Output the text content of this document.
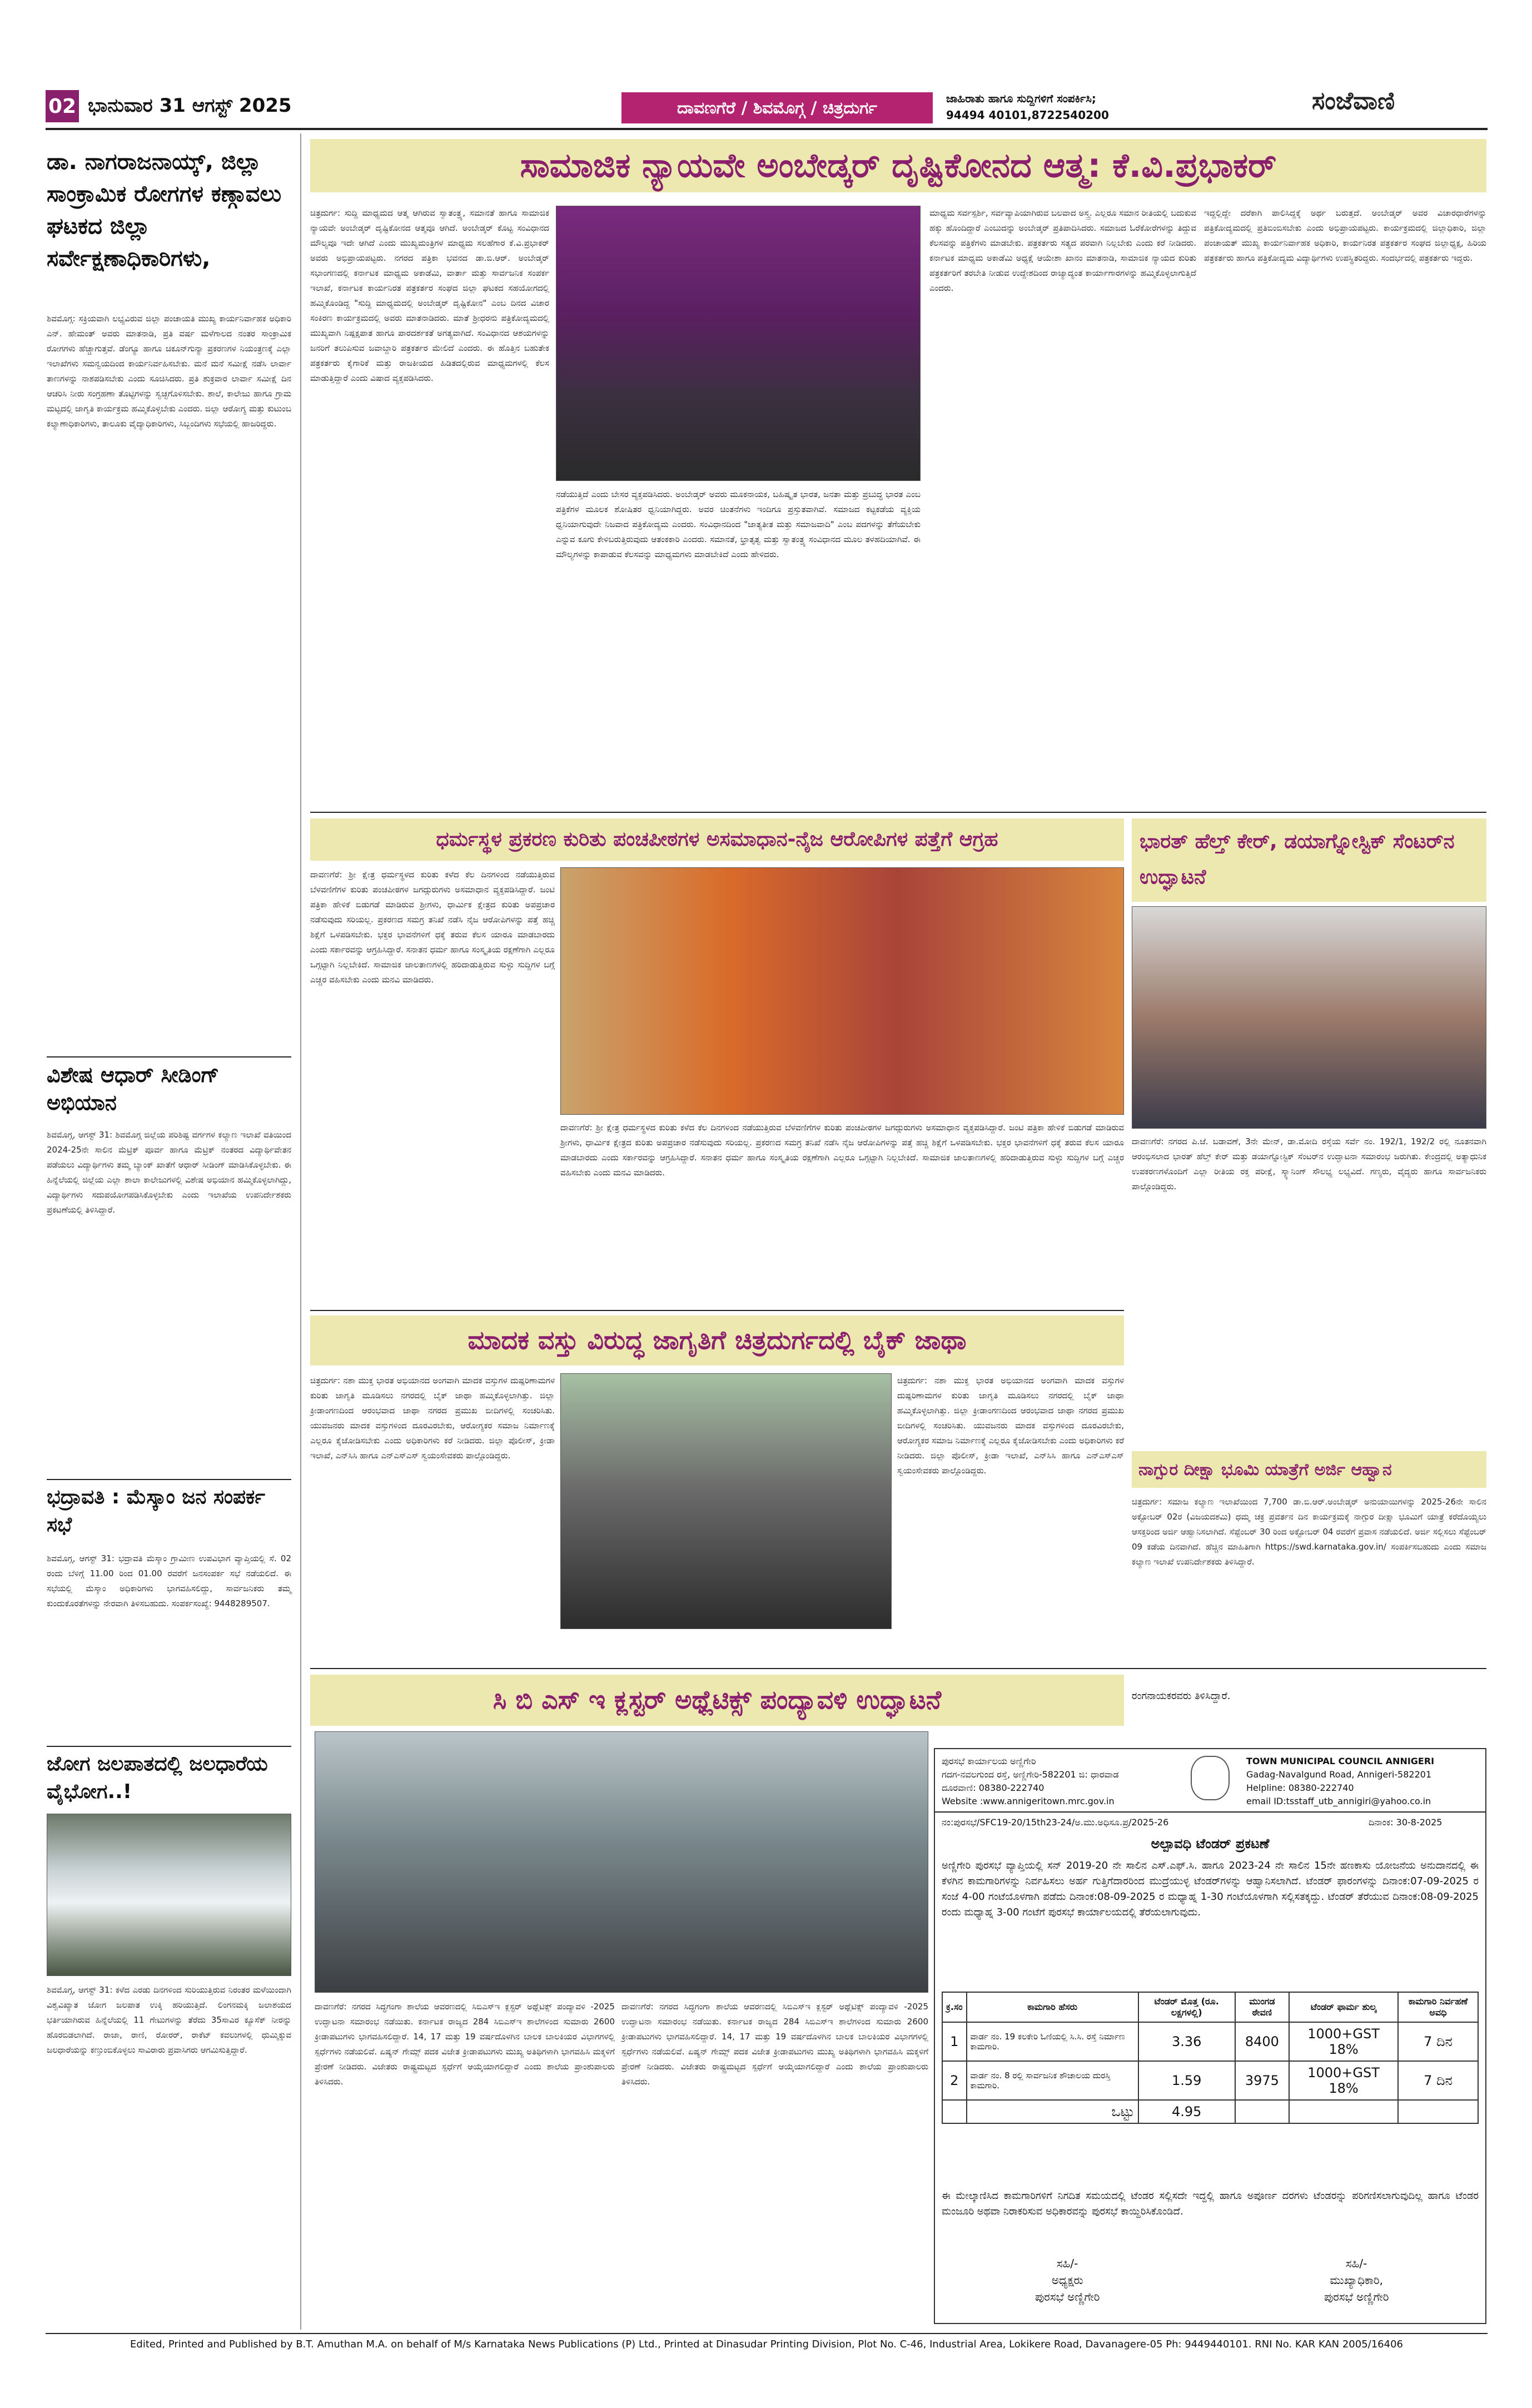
02 ಭಾನುವಾರ 31 ಆಗಸ್ಟ್ 2025	ದಾವಣಗೆರೆ / ಶಿವಮೊಗ್ಗ / ಚಿತ್ರದುರ್ಗ	ಜಾಹಿರಾತು ಹಾಗೂ ಸುದ್ದಿಗಳಿಗೆ ಸಂಪರ್ಕಿಸಿ;
94494 40101,8722540200	ಸಂಜೆವಾಣಿ
ಡಾ. ನಾಗರಾಜನಾಯ್ಕ್, ಜಿಲ್ಲಾ ಸಾಂಕ್ರಾಮಿಕ ರೋಗಗಳ ಕಣ್ಗಾವಲು ಘಟಕದ ಜಿಲ್ಲಾ ಸರ್ವೇಕ್ಷಣಾಧಿಕಾರಿಗಳು,
ಶಿವಮೊಗ್ಗ: ಸಕ್ರಿಯವಾಗಿ ಲಭ್ಯವಿರುವ ಜಿಲ್ಲಾ ಪಂಚಾಯತಿ ಮುಖ್ಯ ಕಾರ್ಯನಿರ್ವಾಹಕ ಅಧಿಕಾರಿ ಎನ್. ಹೇಮಂತ್ ಅವರು ಮಾತನಾಡಿ, ಪ್ರತಿ ವರ್ಷ ಮಳೆಗಾಲದ ನಂತರ ಸಾಂಕ್ರಾಮಿಕ ರೋಗಗಳು ಹೆಚ್ಚಾಗುತ್ತವೆ. ಡೆಂಗ್ಯೂ ಹಾಗೂ ಚಿಕೂನ್‌ಗುನ್ಯಾ ಪ್ರಕರಣಗಳ ನಿಯಂತ್ರಣಕ್ಕೆ ಎಲ್ಲಾ ಇಲಾಖೆಗಳು ಸಮನ್ವಯದಿಂದ ಕಾರ್ಯನಿರ್ವಹಿಸಬೇಕು. ಮನೆ ಮನೆ ಸಮೀಕ್ಷೆ ನಡೆಸಿ ಲಾರ್ವಾ ತಾಣಗಳನ್ನು ನಾಶಪಡಿಸಬೇಕು ಎಂದು ಸೂಚಿಸಿದರು. ಪ್ರತಿ ಶುಕ್ರವಾರ ಲಾರ್ವಾ ಸಮೀಕ್ಷೆ ದಿನ ಆಚರಿಸಿ ನೀರು ಸಂಗ್ರಹಣಾ ತೊಟ್ಟಿಗಳನ್ನು ಸ್ವಚ್ಛಗೊಳಿಸಬೇಕು. ಶಾಲೆ, ಕಾಲೇಜು ಹಾಗೂ ಗ್ರಾಮ ಮಟ್ಟದಲ್ಲಿ ಜಾಗೃತಿ ಕಾರ್ಯಕ್ರಮ ಹಮ್ಮಿಕೊಳ್ಳಬೇಕು ಎಂದರು. ಜಿಲ್ಲಾ ಆರೋಗ್ಯ ಮತ್ತು ಕುಟುಂಬ ಕಲ್ಯಾಣಾಧಿಕಾರಿಗಳು, ತಾಲೂಕು ವೈದ್ಯಾಧಿಕಾರಿಗಳು, ಸಿಬ್ಬಂದಿಗಳು ಸಭೆಯಲ್ಲಿ ಹಾಜರಿದ್ದರು.
ವಿಶೇಷ ಆಧಾರ್ ಸೀಡಿಂಗ್ ಅಭಿಯಾನ
ಶಿವಮೊಗ್ಗ, ಆಗಸ್ಟ್ 31: ಶಿವಮೊಗ್ಗ ಜಿಲ್ಲೆಯ ಪರಿಶಿಷ್ಟ ವರ್ಗಗಳ ಕಲ್ಯಾಣ ಇಲಾಖೆ ವತಿಯಿಂದ 2024-25ನೇ ಸಾಲಿನ ಮೆಟ್ರಿಕ್ ಪೂರ್ವ ಹಾಗೂ ಮೆಟ್ರಿಕ್ ನಂತರದ ವಿದ್ಯಾರ್ಥಿವೇತನ ಪಡೆಯಲು ವಿದ್ಯಾರ್ಥಿಗಳು ತಮ್ಮ ಬ್ಯಾಂಕ್ ಖಾತೆಗೆ ಆಧಾರ್ ಸೀಡಿಂಗ್ ಮಾಡಿಸಿಕೊಳ್ಳಬೇಕು. ಈ ಹಿನ್ನೆಲೆಯಲ್ಲಿ ಜಿಲ್ಲೆಯ ಎಲ್ಲಾ ಶಾಲಾ ಕಾಲೇಜುಗಳಲ್ಲಿ ವಿಶೇಷ ಅಭಿಯಾನ ಹಮ್ಮಿಕೊಳ್ಳಲಾಗಿದ್ದು, ವಿದ್ಯಾರ್ಥಿಗಳು ಸದುಪಯೋಗಪಡಿಸಿಕೊಳ್ಳಬೇಕು ಎಂದು ಇಲಾಖೆಯ ಉಪನಿರ್ದೇಶಕರು ಪ್ರಕಟಣೆಯಲ್ಲಿ ತಿಳಿಸಿದ್ದಾರೆ.
ಭದ್ರಾವತಿ : ಮೆಸ್ಕಾಂ ಜನ ಸಂಪರ್ಕ ಸಭೆ
ಶಿವಮೊಗ್ಗ, ಆಗಸ್ಟ್ 31: ಭದ್ರಾವತಿ ಮೆಸ್ಕಾಂ ಗ್ರಾಮೀಣ ಉಪವಿಭಾಗ ವ್ಯಾಪ್ತಿಯಲ್ಲಿ ಸೆ. 02 ರಂದು ಬೆಳಿಗ್ಗೆ 11.00 ರಿಂದ 01.00 ರವರೆಗೆ ಜನಸಂಪರ್ಕ ಸಭೆ ನಡೆಯಲಿದೆ. ಈ ಸಭೆಯಲ್ಲಿ ಮೆಸ್ಕಾಂ ಅಧಿಕಾರಿಗಳು ಭಾಗವಹಿಸಲಿದ್ದು, ಸಾರ್ವಜನಿಕರು ತಮ್ಮ ಕುಂದುಕೊರತೆಗಳನ್ನು ನೇರವಾಗಿ ತಿಳಿಸಬಹುದು. ಸಂಪರ್ಕಸಂಖ್ಯೆ: 9448289507.
ಜೋಗ ಜಲಪಾತದಲ್ಲಿ ಜಲಧಾರೆಯ ವೈಭೋಗ..!
ಶಿವಮೊಗ್ಗ, ಆಗಸ್ಟ್ 31: ಕಳೆದ ಎರಡು ದಿನಗಳಿಂದ ಸುರಿಯುತ್ತಿರುವ ನಿರಂತರ ಮಳೆಯಿಂದಾಗಿ ವಿಶ್ವವಿಖ್ಯಾತ ಜೋಗ ಜಲಪಾತ ಉಕ್ಕಿ ಹರಿಯುತ್ತಿದೆ. ಲಿಂಗನಮಕ್ಕಿ ಜಲಾಶಯದ ಭರ್ತಿಯಾಗಿರುವ ಹಿನ್ನೆಲೆಯಲ್ಲಿ 11 ಗೇಟುಗಳನ್ನು ತೆರೆದು 35ಸಾವಿರ ಕ್ಯೂಸೆಕ್ ನೀರನ್ನು ಹೊರಬಿಡಲಾಗಿದೆ. ರಾಜಾ, ರಾಣಿ, ರೋರರ್, ರಾಕೆಟ್ ಕವಲುಗಳಲ್ಲಿ ಧುಮ್ಮಿಕ್ಕುವ ಜಲಧಾರೆಯನ್ನು ಕಣ್ತುಂಬಿಕೊಳ್ಳಲು ಸಾವಿರಾರು ಪ್ರವಾಸಿಗರು ಆಗಮಿಸುತ್ತಿದ್ದಾರೆ.
ಸಾಮಾಜಿಕ ನ್ಯಾಯವೇ ಅಂಬೇಡ್ಕರ್ ದೃಷ್ಟಿಕೋನದ ಆತ್ಮ: ಕೆ.ವಿ.ಪ್ರಭಾಕರ್
ಚಿತ್ರದುರ್ಗ: ಸುದ್ದಿ ಮಾಧ್ಯಮದ ಆತ್ಮ ಆಗಿರುವ ಸ್ವಾತಂತ್ರ್ಯ, ಸಮಾನತೆ ಹಾಗೂ ಸಾಮಾಜಿಕ ನ್ಯಾಯವೇ ಅಂಬೇಡ್ಕರ್ ದೃಷ್ಟಿಕೋನದ ಆತ್ಮವೂ ಆಗಿದೆ. ಅಂಬೇಡ್ಕರ್ ಕೊಟ್ಟ ಸಂವಿಧಾನದ ಮೌಲ್ಯವೂ ಇದೇ ಆಗಿದೆ ಎಂದು ಮುಖ್ಯಮಂತ್ರಿಗಳ ಮಾಧ್ಯಮ ಸಲಹೆಗಾರ ಕೆ.ವಿ.ಪ್ರಭಾಕರ್ ಅವರು ಅಭಿಪ್ರಾಯಪಟ್ಟರು. ನಗರದ ಪತ್ರಿಕಾ ಭವನದ ಡಾ.ಬಿ.ಆರ್. ಅಂಬೇಡ್ಕರ್ ಸಭಾಂಗಣದಲ್ಲಿ ಕರ್ನಾಟಕ ಮಾಧ್ಯಮ ಅಕಾಡೆಮಿ, ವಾರ್ತಾ ಮತ್ತು ಸಾರ್ವಜನಿಕ ಸಂಪರ್ಕ ಇಲಾಖೆ, ಕರ್ನಾಟಕ ಕಾರ್ಯನಿರತ ಪತ್ರಕರ್ತರ ಸಂಘದ ಜಿಲ್ಲಾ ಘಟಕದ ಸಹಯೋಗದಲ್ಲಿ ಹಮ್ಮಿಕೊಂಡಿದ್ದ "ಸುದ್ದಿ ಮಾಧ್ಯಮದಲ್ಲಿ ಅಂಬೇಡ್ಕರ್ ದೃಷ್ಟಿಕೋನ" ಎಂಬ ದಿನದ ವಿಚಾರ ಸಂಕಿರಣ ಕಾರ್ಯಕ್ರಮದಲ್ಲಿ ಅವರು ಮಾತನಾಡಿದರು. ಮಾತೆ ಶ್ರೀಧರನು ಪತ್ರಿಕೋದ್ಯಮದಲ್ಲಿ ಮುಖ್ಯವಾಗಿ ನಿಷ್ಪಕ್ಷಪಾತ ಹಾಗೂ ಪಾರದರ್ಶಕತೆ ಅಗತ್ಯವಾಗಿದೆ. ಸಂವಿಧಾನದ ಆಶಯಗಳನ್ನು ಜನರಿಗೆ ತಲುಪಿಸುವ ಜವಾಬ್ದಾರಿ ಪತ್ರಕರ್ತರ ಮೇಲಿದೆ ಎಂದರು. ಈ ಹೊತ್ತಿನ ಬಹುತೇಕ ಪತ್ರಕರ್ತರು ಕೈಗಾರಿಕೆ ಮತ್ತು ರಾಜಕೀಯದ ಹಿಡಿತದಲ್ಲಿರುವ ಮಾಧ್ಯಮಗಳಲ್ಲಿ ಕೆಲಸ ಮಾಡುತ್ತಿದ್ದಾರೆ ಎಂದು ವಿಷಾದ ವ್ಯಕ್ತಪಡಿಸಿದರು.
ನಡೆಯುತ್ತಿದೆ ಎಂದು ಬೇಸರ ವ್ಯಕ್ತಪಡಿಸಿದರು. ಅಂಬೇಡ್ಕರ್ ಅವರು ಮೂಕನಾಯಕ, ಬಹಿಷ್ಕೃತ ಭಾರತ, ಜನತಾ ಮತ್ತು ಪ್ರಬುದ್ಧ ಭಾರತ ಎಂಬ ಪತ್ರಿಕೆಗಳ ಮೂಲಕ ಶೋಷಿತರ ಧ್ವನಿಯಾಗಿದ್ದರು. ಅವರ ಚಿಂತನೆಗಳು ಇಂದಿಗೂ ಪ್ರಸ್ತುತವಾಗಿವೆ. ಸಮಾಜದ ಕಟ್ಟಕಡೆಯ ವ್ಯಕ್ತಿಯ ಧ್ವನಿಯಾಗುವುದೇ ನಿಜವಾದ ಪತ್ರಿಕೋದ್ಯಮ ಎಂದರು. ಸಂವಿಧಾನದಿಂದ "ಜಾತ್ಯತೀತ ಮತ್ತು ಸಮಾಜವಾದಿ" ಎಂಬ ಪದಗಳನ್ನು ತೆಗೆಯಬೇಕು ಎನ್ನುವ ಕೂಗು ಕೇಳಿಬರುತ್ತಿರುವುದು ಆತಂಕಕಾರಿ ಎಂದರು. ಸಮಾನತೆ, ಭ್ರಾತೃತ್ವ ಮತ್ತು ಸ್ವಾತಂತ್ರ್ಯ ಸಂವಿಧಾನದ ಮೂಲ ತಳಹದಿಯಾಗಿವೆ. ಈ ಮೌಲ್ಯಗಳನ್ನು ಕಾಪಾಡುವ ಕೆಲಸವನ್ನು ಮಾಧ್ಯಮಗಳು ಮಾಡಬೇಕಿದೆ ಎಂದು ಹೇಳಿದರು.
ಮಾಧ್ಯಮ ಸರ್ವಸ್ಪರ್ಶಿ, ಸರ್ವವ್ಯಾಪಿಯಾಗಿರುವ ಬಲವಾದ ಅಸ್ತ್ರ. ಎಲ್ಲರೂ ಸಮಾನ ರೀತಿಯಲ್ಲಿ ಬದುಕುವ ಹಕ್ಕು ಹೊಂದಿದ್ದಾರೆ ಎಂಬುದನ್ನು ಅಂಬೇಡ್ಕರ್ ಪ್ರತಿಪಾದಿಸಿದರು. ಸಮಾಜದ ಓರೆಕೋರೆಗಳನ್ನು ತಿದ್ದುವ ಕೆಲಸವನ್ನು ಪತ್ರಿಕೆಗಳು ಮಾಡಬೇಕು. ಪತ್ರಕರ್ತರು ಸತ್ಯದ ಪರವಾಗಿ ನಿಲ್ಲಬೇಕು ಎಂದು ಕರೆ ನೀಡಿದರು. ಕರ್ನಾಟಕ ಮಾಧ್ಯಮ ಅಕಾಡೆಮಿ ಅಧ್ಯಕ್ಷೆ ಆಯೇಶಾ ಖಾನಂ ಮಾತನಾಡಿ, ಸಾಮಾಜಿಕ ನ್ಯಾಯದ ಕುರಿತು ಪತ್ರಕರ್ತರಿಗೆ ತರಬೇತಿ ನೀಡುವ ಉದ್ದೇಶದಿಂದ ರಾಜ್ಯಾದ್ಯಂತ ಕಾರ್ಯಾಗಾರಗಳನ್ನು ಹಮ್ಮಿಕೊಳ್ಳಲಾಗುತ್ತಿದೆ ಎಂದರು.
ಇದ್ದಲ್ಲಿದ್ದೇ ದರೆಕಾಗಿ ಪಾಲಿಸಿದ್ದಕ್ಕೆ ಅರ್ಥ ಬರುತ್ತದೆ. ಅಂಬೇಡ್ಕರ್ ಅವರ ವಿಚಾರಧಾರೆಗಳನ್ನು ಪತ್ರಿಕೋದ್ಯಮದಲ್ಲಿ ಪ್ರತಿಬಿಂಬಿಸಬೇಕು ಎಂದು ಅಭಿಪ್ರಾಯಪಟ್ಟರು. ಕಾರ್ಯಕ್ರಮದಲ್ಲಿ ಜಿಲ್ಲಾಧಿಕಾರಿ, ಜಿಲ್ಲಾ ಪಂಚಾಯತ್ ಮುಖ್ಯ ಕಾರ್ಯನಿರ್ವಾಹಕ ಅಧಿಕಾರಿ, ಕಾರ್ಯನಿರತ ಪತ್ರಕರ್ತರ ಸಂಘದ ಜಿಲ್ಲಾಧ್ಯಕ್ಷ, ಹಿರಿಯ ಪತ್ರಕರ್ತರು ಹಾಗೂ ಪತ್ರಿಕೋದ್ಯಮ ವಿದ್ಯಾರ್ಥಿಗಳು ಉಪಸ್ಥಿತರಿದ್ದರು. ಸಂದರ್ಭದಲ್ಲಿ ಪತ್ರಕರ್ತರು ಇದ್ದರು.
ಧರ್ಮಸ್ಥಳ ಪ್ರಕರಣ ಕುರಿತು ಪಂಚಪೀಠಗಳ ಅಸಮಾಧಾನ-ನೈಜ ಆರೋಪಿಗಳ ಪತ್ತೆಗೆ ಆಗ್ರಹ
ದಾವಣಗೆರೆ: ಶ್ರೀ ಕ್ಷೇತ್ರ ಧರ್ಮಸ್ಥಳದ ಕುರಿತು ಕಳೆದ ಕೆಲ ದಿನಗಳಿಂದ ನಡೆಯುತ್ತಿರುವ ಬೆಳವಣಿಗೆಗಳ ಕುರಿತು ಪಂಚಪೀಠಗಳ ಜಗದ್ಗುರುಗಳು ಅಸಮಾಧಾನ ವ್ಯಕ್ತಪಡಿಸಿದ್ದಾರೆ. ಜಂಟಿ ಪತ್ರಿಕಾ ಹೇಳಿಕೆ ಬಿಡುಗಡೆ ಮಾಡಿರುವ ಶ್ರೀಗಳು, ಧಾರ್ಮಿಕ ಕ್ಷೇತ್ರದ ಕುರಿತು ಅಪಪ್ರಚಾರ ನಡೆಸುವುದು ಸರಿಯಲ್ಲ. ಪ್ರಕರಣದ ಸಮಗ್ರ ತನಿಖೆ ನಡೆಸಿ ನೈಜ ಆರೋಪಿಗಳನ್ನು ಪತ್ತೆ ಹಚ್ಚಿ ಶಿಕ್ಷೆಗೆ ಒಳಪಡಿಸಬೇಕು. ಭಕ್ತರ ಭಾವನೆಗಳಿಗೆ ಧಕ್ಕೆ ತರುವ ಕೆಲಸ ಯಾರೂ ಮಾಡಬಾರದು ಎಂದು ಸರ್ಕಾರವನ್ನು ಆಗ್ರಹಿಸಿದ್ದಾರೆ. ಸನಾತನ ಧರ್ಮ ಹಾಗೂ ಸಂಸ್ಕೃತಿಯ ರಕ್ಷಣೆಗಾಗಿ ಎಲ್ಲರೂ ಒಗ್ಗಟ್ಟಾಗಿ ನಿಲ್ಲಬೇಕಿದೆ. ಸಾಮಾಜಿಕ ಜಾಲತಾಣಗಳಲ್ಲಿ ಹರಿದಾಡುತ್ತಿರುವ ಸುಳ್ಳು ಸುದ್ದಿಗಳ ಬಗ್ಗೆ ಎಚ್ಚರ ವಹಿಸಬೇಕು ಎಂದು ಮನವಿ ಮಾಡಿದರು.
ದಾವಣಗೆರೆ: ಶ್ರೀ ಕ್ಷೇತ್ರ ಧರ್ಮಸ್ಥಳದ ಕುರಿತು ಕಳೆದ ಕೆಲ ದಿನಗಳಿಂದ ನಡೆಯುತ್ತಿರುವ ಬೆಳವಣಿಗೆಗಳ ಕುರಿತು ಪಂಚಪೀಠಗಳ ಜಗದ್ಗುರುಗಳು ಅಸಮಾಧಾನ ವ್ಯಕ್ತಪಡಿಸಿದ್ದಾರೆ. ಜಂಟಿ ಪತ್ರಿಕಾ ಹೇಳಿಕೆ ಬಿಡುಗಡೆ ಮಾಡಿರುವ ಶ್ರೀಗಳು, ಧಾರ್ಮಿಕ ಕ್ಷೇತ್ರದ ಕುರಿತು ಅಪಪ್ರಚಾರ ನಡೆಸುವುದು ಸರಿಯಲ್ಲ. ಪ್ರಕರಣದ ಸಮಗ್ರ ತನಿಖೆ ನಡೆಸಿ ನೈಜ ಆರೋಪಿಗಳನ್ನು ಪತ್ತೆ ಹಚ್ಚಿ ಶಿಕ್ಷೆಗೆ ಒಳಪಡಿಸಬೇಕು. ಭಕ್ತರ ಭಾವನೆಗಳಿಗೆ ಧಕ್ಕೆ ತರುವ ಕೆಲಸ ಯಾರೂ ಮಾಡಬಾರದು ಎಂದು ಸರ್ಕಾರವನ್ನು ಆಗ್ರಹಿಸಿದ್ದಾರೆ. ಸನಾತನ ಧರ್ಮ ಹಾಗೂ ಸಂಸ್ಕೃತಿಯ ರಕ್ಷಣೆಗಾಗಿ ಎಲ್ಲರೂ ಒಗ್ಗಟ್ಟಾಗಿ ನಿಲ್ಲಬೇಕಿದೆ. ಸಾಮಾಜಿಕ ಜಾಲತಾಣಗಳಲ್ಲಿ ಹರಿದಾಡುತ್ತಿರುವ ಸುಳ್ಳು ಸುದ್ದಿಗಳ ಬಗ್ಗೆ ಎಚ್ಚರ ವಹಿಸಬೇಕು ಎಂದು ಮನವಿ ಮಾಡಿದರು.
ಭಾರತ್ ಹೆಲ್ತ್ ಕೇರ್, ಡಯಾಗ್ನೋಸ್ಟಿಕ್ ಸೆಂಟರ್‌ನ ಉದ್ಘಾಟನೆ
ದಾವಣಗೆರೆ: ನಗರದ ಪಿ.ಜೆ. ಬಡಾವಣೆ, 3ನೇ ಮೇನ್, ಡಾ.ಮೋದಿ ರಸ್ತೆಯ ಸರ್ವೆ ನಂ. 192/1, 192/2 ರಲ್ಲಿ ನೂತನವಾಗಿ ಆರಂಭಿಸಲಾದ ಭಾರತ್ ಹೆಲ್ತ್ ಕೇರ್ ಮತ್ತು ಡಯಾಗ್ನೋಸ್ಟಿಕ್ ಸೆಂಟರ್‌ನ ಉದ್ಘಾಟನಾ ಸಮಾರಂಭ ಜರುಗಿತು. ಕೇಂದ್ರದಲ್ಲಿ ಅತ್ಯಾಧುನಿಕ ಉಪಕರಣಗಳೊಂದಿಗೆ ಎಲ್ಲಾ ರೀತಿಯ ರಕ್ತ ಪರೀಕ್ಷೆ, ಸ್ಕ್ಯಾನಿಂಗ್ ಸೌಲಭ್ಯ ಲಭ್ಯವಿದೆ. ಗಣ್ಯರು, ವೈದ್ಯರು ಹಾಗೂ ಸಾರ್ವಜನಿಕರು ಪಾಲ್ಗೊಂಡಿದ್ದರು.
ಮಾದಕ ವಸ್ತು ವಿರುದ್ಧ ಜಾಗೃತಿಗೆ ಚಿತ್ರದುರ್ಗದಲ್ಲಿ ಬೈಕ್ ಜಾಥಾ
ಚಿತ್ರದುರ್ಗ: ನಶಾ ಮುಕ್ತ ಭಾರತ ಅಭಿಯಾನದ ಅಂಗವಾಗಿ ಮಾದಕ ವಸ್ತುಗಳ ದುಷ್ಪರಿಣಾಮಗಳ ಕುರಿತು ಜಾಗೃತಿ ಮೂಡಿಸಲು ನಗರದಲ್ಲಿ ಬೈಕ್ ಜಾಥಾ ಹಮ್ಮಿಕೊಳ್ಳಲಾಗಿತ್ತು. ಜಿಲ್ಲಾ ಕ್ರೀಡಾಂಗಣದಿಂದ ಆರಂಭವಾದ ಜಾಥಾ ನಗರದ ಪ್ರಮುಖ ಬೀದಿಗಳಲ್ಲಿ ಸಂಚರಿಸಿತು. ಯುವಜನರು ಮಾದಕ ವಸ್ತುಗಳಿಂದ ದೂರವಿರಬೇಕು, ಆರೋಗ್ಯಕರ ಸಮಾಜ ನಿರ್ಮಾಣಕ್ಕೆ ಎಲ್ಲರೂ ಕೈಜೋಡಿಸಬೇಕು ಎಂದು ಅಧಿಕಾರಿಗಳು ಕರೆ ನೀಡಿದರು. ಜಿಲ್ಲಾ ಪೊಲೀಸ್, ಕ್ರೀಡಾ ಇಲಾಖೆ, ಎನ್‌ಸಿಸಿ ಹಾಗೂ ಎನ್‌ಎಸ್‌ಎಸ್ ಸ್ವಯಂಸೇವಕರು ಪಾಲ್ಗೊಂಡಿದ್ದರು.
ಚಿತ್ರದುರ್ಗ: ನಶಾ ಮುಕ್ತ ಭಾರತ ಅಭಿಯಾನದ ಅಂಗವಾಗಿ ಮಾದಕ ವಸ್ತುಗಳ ದುಷ್ಪರಿಣಾಮಗಳ ಕುರಿತು ಜಾಗೃತಿ ಮೂಡಿಸಲು ನಗರದಲ್ಲಿ ಬೈಕ್ ಜಾಥಾ ಹಮ್ಮಿಕೊಳ್ಳಲಾಗಿತ್ತು. ಜಿಲ್ಲಾ ಕ್ರೀಡಾಂಗಣದಿಂದ ಆರಂಭವಾದ ಜಾಥಾ ನಗರದ ಪ್ರಮುಖ ಬೀದಿಗಳಲ್ಲಿ ಸಂಚರಿಸಿತು. ಯುವಜನರು ಮಾದಕ ವಸ್ತುಗಳಿಂದ ದೂರವಿರಬೇಕು, ಆರೋಗ್ಯಕರ ಸಮಾಜ ನಿರ್ಮಾಣಕ್ಕೆ ಎಲ್ಲರೂ ಕೈಜೋಡಿಸಬೇಕು ಎಂದು ಅಧಿಕಾರಿಗಳು ಕರೆ ನೀಡಿದರು. ಜಿಲ್ಲಾ ಪೊಲೀಸ್, ಕ್ರೀಡಾ ಇಲಾಖೆ, ಎನ್‌ಸಿಸಿ ಹಾಗೂ ಎನ್‌ಎಸ್‌ಎಸ್ ಸ್ವಯಂಸೇವಕರು ಪಾಲ್ಗೊಂಡಿದ್ದರು.	ನಾಗ್ಪುರ ದೀಕ್ಷಾ ಭೂಮಿ ಯಾತ್ರೆಗೆ ಅರ್ಜಿ ಆಹ್ವಾನ
ಚಿತ್ರದುರ್ಗ: ಸಮಾಜ ಕಲ್ಯಾಣ ಇಲಾಖೆಯಿಂದ 7,700 ಡಾ.ಬಿ.ಆರ್.ಅಂಬೇಡ್ಕರ್ ಅನುಯಾಯಿಗಳನ್ನು 2025-26ನೇ ಸಾಲಿನ ಅಕ್ಟೋಬರ್ 02ರ (ವಿಜಯದಶಮಿ) ಧಮ್ಮ ಚಕ್ರ ಪ್ರವರ್ತನ ದಿನ ಕಾರ್ಯಕ್ರಮಕ್ಕೆ ನಾಗ್ಪುರ ದೀಕ್ಷಾ ಭೂಮಿಗೆ ಯಾತ್ರೆ ಕರೆದೊಯ್ಯಲು ಆಸಕ್ತರಿಂದ ಅರ್ಜಿ ಆಹ್ವಾನಿಸಲಾಗಿದೆ. ಸೆಪ್ಟೆಂಬರ್ 30 ರಿಂದ ಅಕ್ಟೋಬರ್ 04 ರವರೆಗೆ ಪ್ರವಾಸ ನಡೆಯಲಿದೆ. ಅರ್ಜಿ ಸಲ್ಲಿಸಲು ಸೆಪ್ಟೆಂಬರ್ 09 ಕಡೆಯ ದಿನವಾಗಿದೆ. ಹೆಚ್ಚಿನ ಮಾಹಿತಿಗಾಗಿ https://swd.karnataka.gov.in/ ಸಂಪರ್ಕಿಸಬಹುದು ಎಂದು ಸಮಾಜ ಕಲ್ಯಾಣ ಇಲಾಖೆ ಉಪನಿರ್ದೇಶಕರು ತಿಳಿಸಿದ್ದಾರೆ.
ಸಿ ಬಿ ಎಸ್ ಇ ಕ್ಲಸ್ಟರ್ ಅಥ್ಲೆಟಿಕ್ಸ್ ಪಂದ್ಯಾವಳಿ ಉದ್ಘಾಟನೆ	ರಂಗನಾಯಕರವರು ತಿಳಿಸಿದ್ದಾರೆ.
ದಾವಣಗೆರೆ: ನಗರದ ಸಿದ್ಧಗಂಗಾ ಶಾಲೆಯ ಆವರಣದಲ್ಲಿ ಸಿಬಿಎಸ್‌ಇ ಕ್ಲಸ್ಟರ್ ಅಥ್ಲೆಟಿಕ್ಸ್ ಪಂದ್ಯಾವಳಿ -2025 ಉದ್ಘಾಟನಾ ಸಮಾರಂಭ ನಡೆಯಿತು. ಕರ್ನಾಟಕ ರಾಜ್ಯದ 284 ಸಿಬಿಎಸ್‌ಇ ಶಾಲೆಗಳಿಂದ ಸುಮಾರು 2600 ಕ್ರೀಡಾಪಟುಗಳು ಭಾಗವಹಿಸಲಿದ್ದಾರೆ. 14, 17 ಮತ್ತು 19 ವರ್ಷದೊಳಗಿನ ಬಾಲಕ ಬಾಲಕಿಯರ ವಿಭಾಗಗಳಲ್ಲಿ ಸ್ಪರ್ಧೆಗಳು ನಡೆಯಲಿವೆ. ಏಷ್ಯನ್ ಗೇಮ್ಸ್ ಪದಕ ವಿಜೇತ ಕ್ರೀಡಾಪಟುಗಳು ಮುಖ್ಯ ಅತಿಥಿಗಳಾಗಿ ಭಾಗವಹಿಸಿ ಮಕ್ಕಳಿಗೆ ಪ್ರೇರಣೆ ನೀಡಿದರು. ವಿಜೇತರು ರಾಷ್ಟ್ರಮಟ್ಟದ ಸ್ಪರ್ಧೆಗೆ ಆಯ್ಕೆಯಾಗಲಿದ್ದಾರೆ ಎಂದು ಶಾಲೆಯ ಪ್ರಾಂಶುಪಾಲರು ತಿಳಿಸಿದರು.
ದಾವಣಗೆರೆ: ನಗರದ ಸಿದ್ಧಗಂಗಾ ಶಾಲೆಯ ಆವರಣದಲ್ಲಿ ಸಿಬಿಎಸ್‌ಇ ಕ್ಲಸ್ಟರ್ ಅಥ್ಲೆಟಿಕ್ಸ್ ಪಂದ್ಯಾವಳಿ -2025 ಉದ್ಘಾಟನಾ ಸಮಾರಂಭ ನಡೆಯಿತು. ಕರ್ನಾಟಕ ರಾಜ್ಯದ 284 ಸಿಬಿಎಸ್‌ಇ ಶಾಲೆಗಳಿಂದ ಸುಮಾರು 2600 ಕ್ರೀಡಾಪಟುಗಳು ಭಾಗವಹಿಸಲಿದ್ದಾರೆ. 14, 17 ಮತ್ತು 19 ವರ್ಷದೊಳಗಿನ ಬಾಲಕ ಬಾಲಕಿಯರ ವಿಭಾಗಗಳಲ್ಲಿ ಸ್ಪರ್ಧೆಗಳು ನಡೆಯಲಿವೆ. ಏಷ್ಯನ್ ಗೇಮ್ಸ್ ಪದಕ ವಿಜೇತ ಕ್ರೀಡಾಪಟುಗಳು ಮುಖ್ಯ ಅತಿಥಿಗಳಾಗಿ ಭಾಗವಹಿಸಿ ಮಕ್ಕಳಿಗೆ ಪ್ರೇರಣೆ ನೀಡಿದರು. ವಿಜೇತರು ರಾಷ್ಟ್ರಮಟ್ಟದ ಸ್ಪರ್ಧೆಗೆ ಆಯ್ಕೆಯಾಗಲಿದ್ದಾರೆ ಎಂದು ಶಾಲೆಯ ಪ್ರಾಂಶುಪಾಲರು ತಿಳಿಸಿದರು.
ಪುರಸಭೆ ಕಾರ್ಯಾಲಯ ಅಣ್ಣಿಗೇರಿ
ಗದಗ-ನವಲಗುಂದ ರಸ್ತೆ, ಅಣ್ಣಿಗೇರಿ-582201 ಜಿ: ಧಾರವಾಡ
ದೂರವಾಣಿ: 08380-222740
Website :www.annigeritown.mrc.gov.in
TOWN MUNICIPAL COUNCIL ANNIGERI
Gadag-Navalgund Road, Annigeri-582201
Helpline: 08380-222740
email ID:tsstaff_utb_annigiri@yahoo.co.in
ನಂ:ಪುರಸಭೆ/SFC19-20/15th23-24/ಅ.ಮು.ಅಧಿಸೂ.ಪ್ರ/2025-26	ದಿನಾಂಕ: 30-8-2025
ಅಲ್ಪಾವಧಿ ಟೆಂಡರ್ ಪ್ರಕಟಣೆ
ಅಣ್ಣಿಗೇರಿ ಪುರಸಭೆ ವ್ಯಾಪ್ತಿಯಲ್ಲಿ ಸನ್ 2019-20 ನೇ ಸಾಲಿನ ಎಸ್.ಎಫ್.ಸಿ. ಹಾಗೂ 2023-24 ನೇ ಸಾಲಿನ 15ನೇ ಹಣಕಾಸು ಯೋಜನೆಯ ಅನುದಾನದಲ್ಲಿ ಈ ಕೆಳಗಿನ ಕಾಮಗಾರಿಗಳನ್ನು ನಿರ್ವಹಿಸಲು ಅರ್ಹ ಗುತ್ತಿಗೆದಾರರಿಂದ ಮುದ್ರೆಯುಳ್ಳ ಟೆಂಡರ್‌ಗಳನ್ನು ಆಹ್ವಾನಿಸಲಾಗಿದೆ. ಟೆಂಡರ್ ಫಾರಂಗಳನ್ನು ದಿನಾಂಕ:07-09-2025 ರ ಸಂಜೆ 4-00 ಗಂಟೆಯೊಳಗಾಗಿ ಪಡೆದು ದಿನಾಂಕ:08-09-2025 ರ ಮಧ್ಯಾಹ್ನ 1-30 ಗಂಟೆಯೊಳಗಾಗಿ ಸಲ್ಲಿಸತಕ್ಕದ್ದು. ಟೆಂಡರ್ ತೆರೆಯುವ ದಿನಾಂಕ:08-09-2025 ರಂದು ಮಧ್ಯಾಹ್ನ 3-00 ಗಂಟೆಗೆ ಪುರಸಭೆ ಕಾರ್ಯಾಲಯದಲ್ಲಿ ತೆರೆಯಲಾಗುವುದು.
ಕ್ರ.ಸಂ	ಕಾಮಗಾರಿ ಹೆಸರು	ಟೆಂಡರ್ ಮೊತ್ತ (ರೂ. ಲಕ್ಷಗಳಲ್ಲಿ)	ಮುಂಗಡ ಠೇವಣಿ	ಟೆಂಡರ್ ಫಾರ್ಮ ಶುಲ್ಕ	ಕಾಮಗಾರಿ ನಿರ್ವಹಣೆ ಅವಧಿ
1	ವಾರ್ಡ ನಂ. 19 ಕಲಕೇರಿ ಓಣಿಯಲ್ಲಿ ಸಿ.ಸಿ. ರಸ್ತೆ ನಿರ್ಮಾಣ ಕಾಮಗಾರಿ.	3.36	8400	1000+GST 18%	7 ದಿನ
2	ವಾರ್ಡ ನಂ. 8 ರಲ್ಲಿ ಸಾರ್ವಜನಿಕ ಶೌಚಾಲಯ ದುರಸ್ತಿ ಕಾಮಗಾರಿ.	1.59	3975	1000+GST 18%	7 ದಿನ
	ಒಟ್ಟು	4.95			
ಈ ಮೇಲ್ಕಾಣಿಸಿದ ಕಾಮಗಾರಿಗಳಿಗೆ ನಿಗದಿತ ಸಮಯದಲ್ಲಿ ಟೆಂಡರ ಸಲ್ಲಿಸದೇ ಇದ್ದಲ್ಲಿ ಹಾಗೂ ಅಪೂರ್ಣ ದರಗಳು ಟೆಂಡರನ್ನು ಪರಿಗಣಿಸಲಾಗುವುದಿಲ್ಲ ಹಾಗೂ ಟೆಂಡರ ಮಂಜೂರಿ ಅಥವಾ ನಿರಾಕರಿಸುವ ಅಧಿಕಾರವನ್ನು ಪುರಸಭೆ ಕಾಯ್ದಿರಿಸಿಕೊಂಡಿದೆ.
ಸಹಿ/-
ಅಧ್ಯಕ್ಷರು
ಪುರಸಭೆ ಅಣ್ಣಿಗೇರಿ
ಸಹಿ/-
ಮುಖ್ಯಾಧಿಕಾರಿ,
ಪುರಸಭೆ ಅಣ್ಣಿಗೇರಿ
Edited, Printed and Published by B.T. Amuthan M.A. on behalf of M/s Karnataka News Publications (P) Ltd., Printed at Dinasudar Printing Division, Plot No. C-46, Industrial Area, Lokikere Road, Davanagere-05 Ph: 9449440101. RNI No. KAR KAN 2005/16406
